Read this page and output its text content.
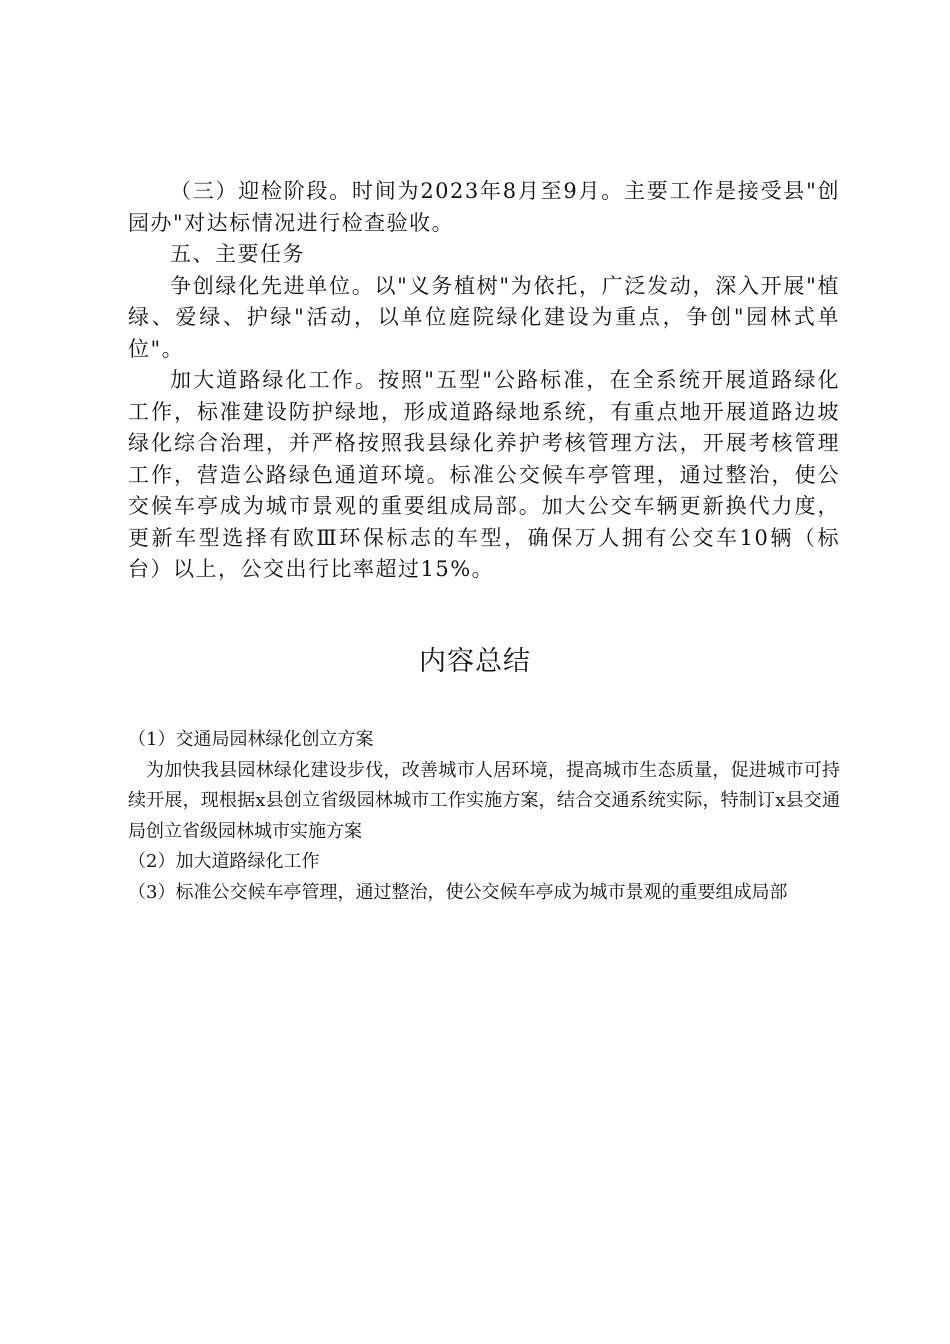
（三）迎检阶段。时间为2023年8月至9月。主要工作是接受县"创园办"对达标情况进行检查验收。

五、主要任务

争创绿化先进单位。以"义务植树"为依托，广泛发动，深入开展"植绿、爱绿、护绿"活动，以单位庭院绿化建设为重点，争创"园林式单位"。

加大道路绿化工作。按照"五型"公路标准，在全系统开展道路绿化工作，标准建设防护绿地，形成道路绿地系统，有重点地开展道路边坡绿化综合治理，并严格按照我县绿化养护考核管理方法，开展考核管理工作，营造公路绿色通道环境。标准公交候车亭管理，通过整治，使公交候车亭成为城市景观的重要组成局部。加大公交车辆更新换代力度，更新车型选择有欧Ⅲ环保标志的车型，确保万人拥有公交车10辆（标台）以上，公交出行比率超过15%。

内容总结

（1）交通局园林绿化创立方案

为加快我县园林绿化建设步伐，改善城市人居环境，提高城市生态质量，促进城市可持续开展，现根据x县创立省级园林城市工作实施方案，结合交通系统实际，特制订x县交通局创立省级园林城市实施方案

（2）加大道路绿化工作

（3）标准公交候车亭管理，通过整治，使公交候车亭成为城市景观的重要组成局部
